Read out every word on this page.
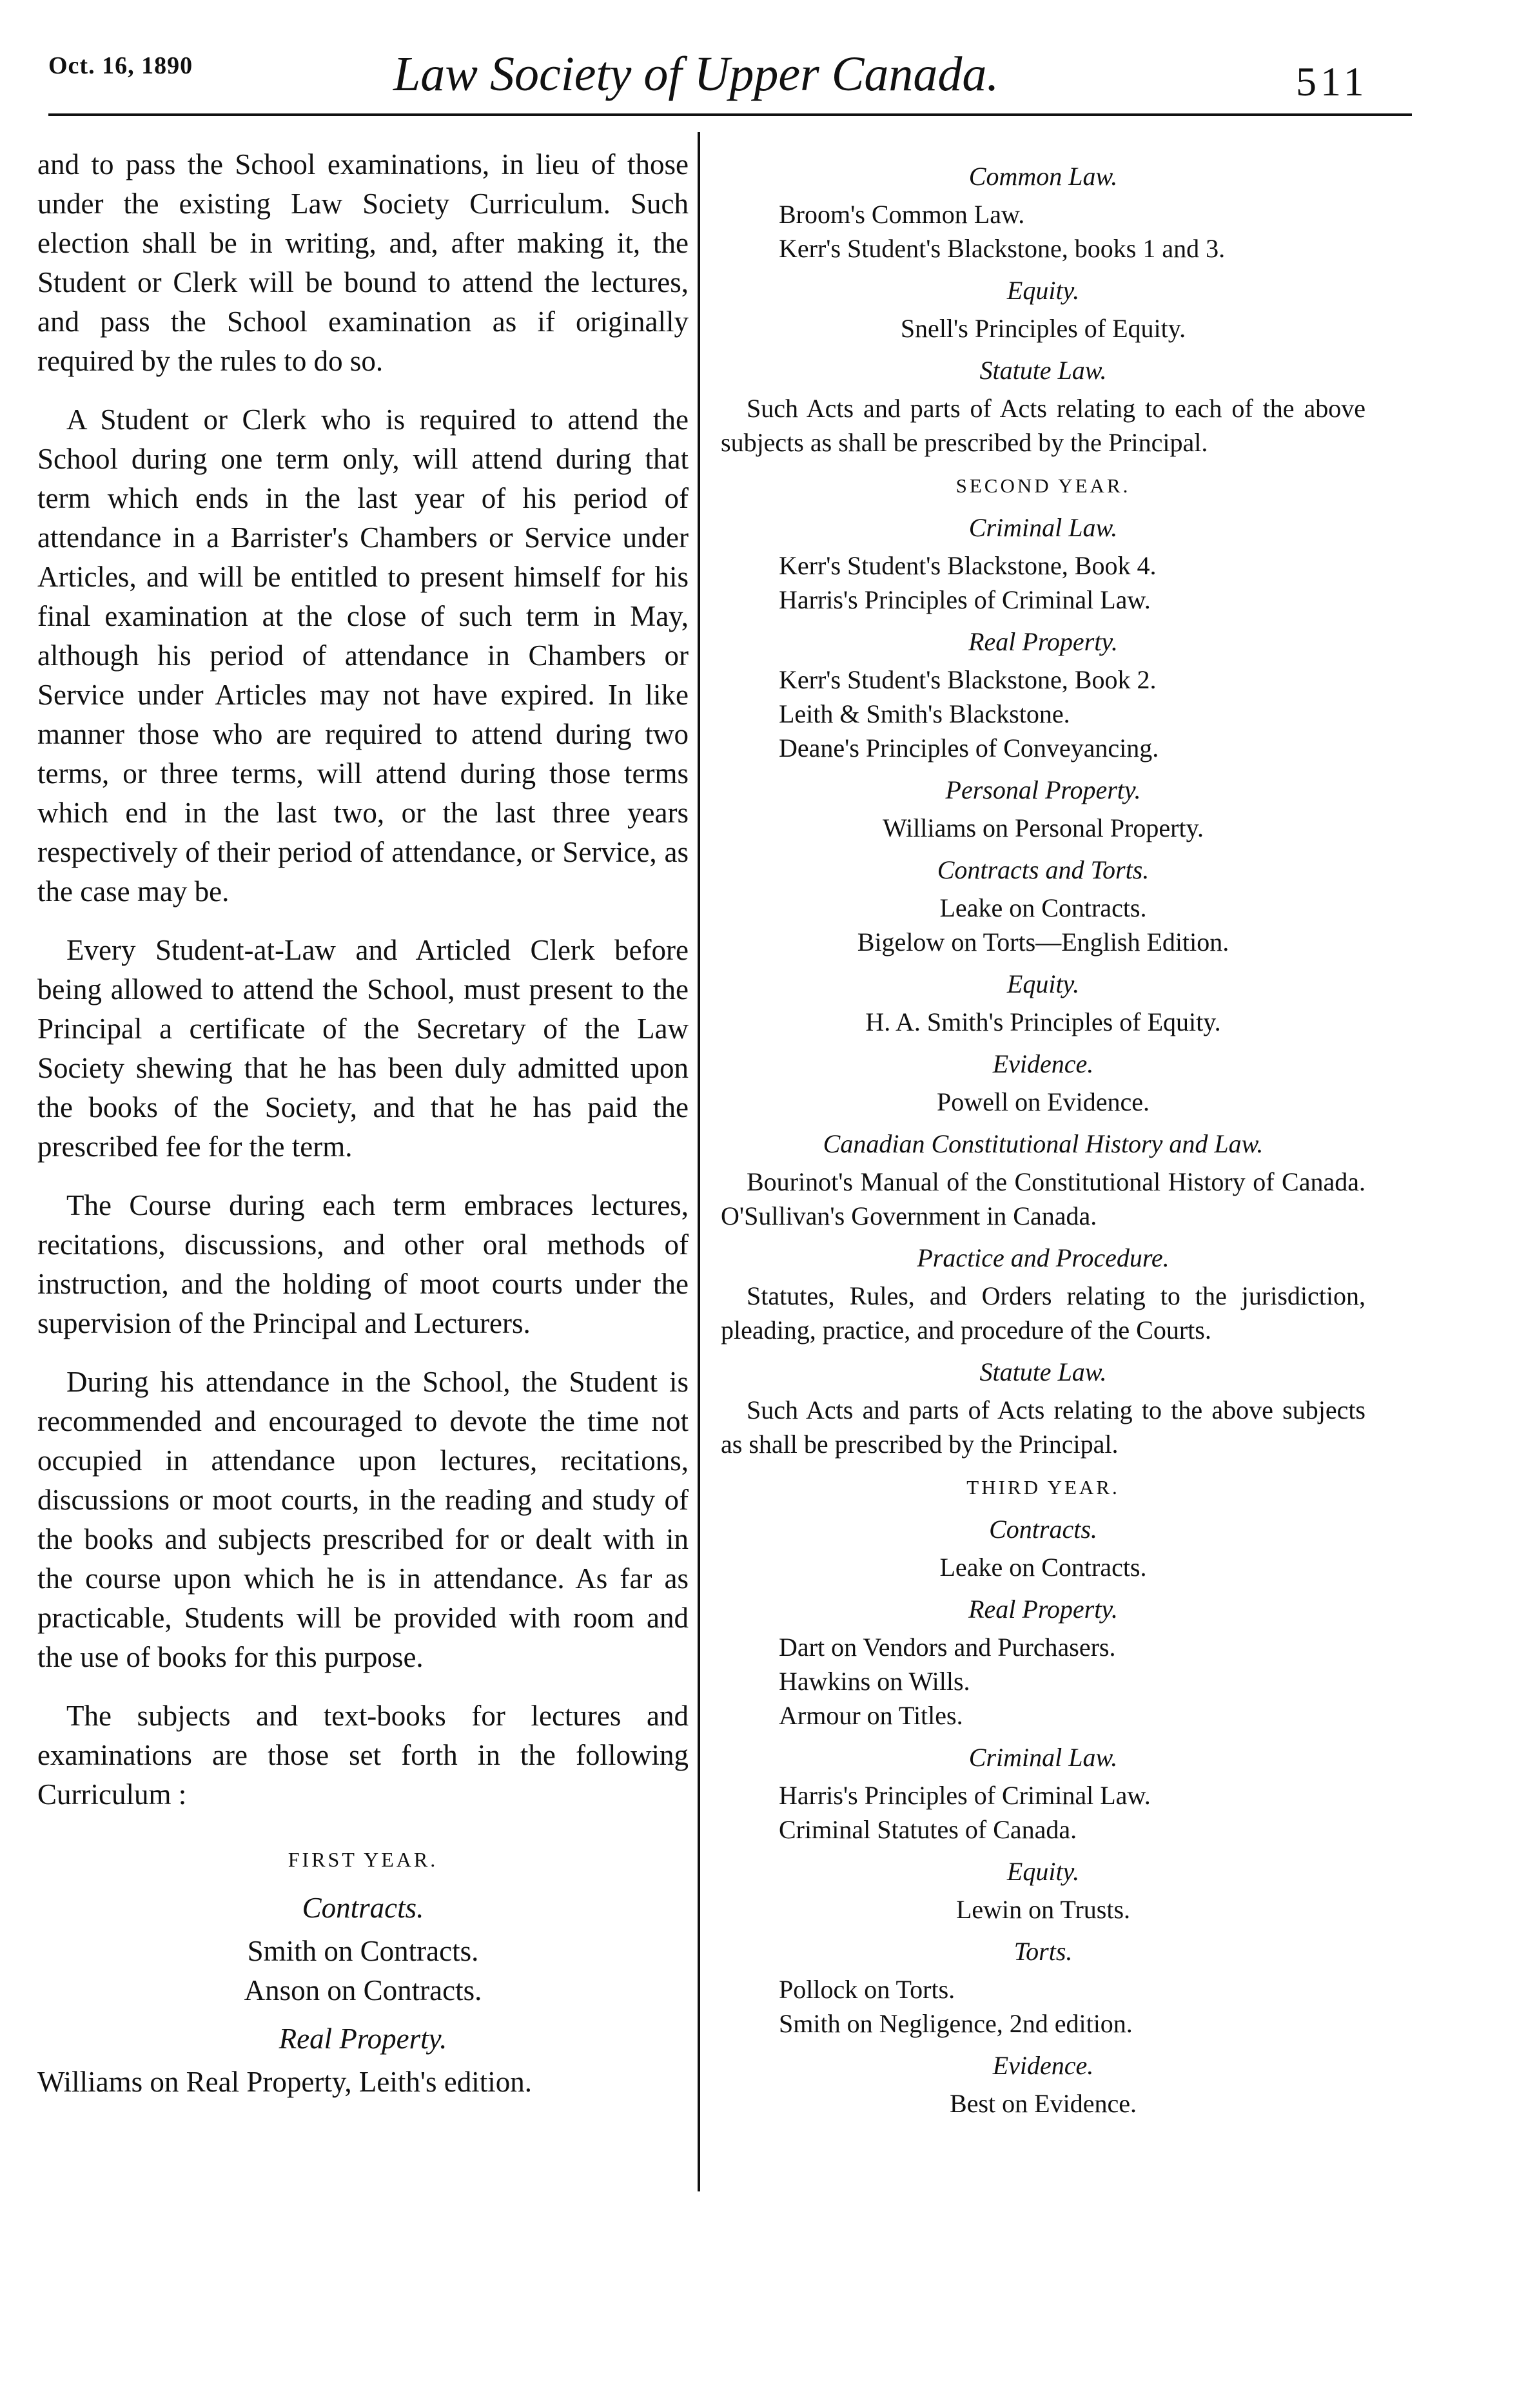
Oct. 16, 1890	Law Society of Upper Canada.	511

and to pass the School examinations, in lieu of those under the existing Law Society Curriculum. Such election shall be in writing, and, after making it, the Student or Clerk will be bound to attend the lectures, and pass the School examination as if originally required by the rules to do so.

A Student or Clerk who is required to attend the School during one term only, will attend during that term which ends in the last year of his period of attendance in a Barrister's Chambers or Service under Articles, and will be entitled to present himself for his final examination at the close of such term in May, although his period of attendance in Chambers or Service under Articles may not have expired. In like manner those who are required to attend during two terms, or three terms, will attend during those terms which end in the last two, or the last three years respectively of their period of attendance, or Service, as the case may be.

Every Student-at-Law and Articled Clerk before being allowed to attend the School, must present to the Principal a certificate of the Secretary of the Law Society shewing that he has been duly admitted upon the books of the Society, and that he has paid the prescribed fee for the term.

The Course during each term embraces lectures, recitations, discussions, and other oral methods of instruction, and the holding of moot courts under the supervision of the Principal and Lecturers.

During his attendance in the School, the Student is recommended and encouraged to devote the time not occupied in attendance upon lectures, recitations, discussions or moot courts, in the reading and study of the books and subjects prescribed for or dealt with in the course upon which he is in attendance. As far as practicable, Students will be provided with room and the use of books for this purpose.

The subjects and text-books for lectures and examinations are those set forth in the following Curriculum :

FIRST YEAR.
Contracts.
Smith on Contracts.
Anson on Contracts.
Real Property.
Williams on Real Property, Leith's edition.
Common Law.
Broom's Common Law.
Kerr's Student's Blackstone, books 1 and 3.
Equity.
Snell's Principles of Equity.
Statute Law.

Such Acts and parts of Acts relating to each of the above subjects as shall be prescribed by the Principal.

SECOND YEAR.
Criminal Law.
Kerr's Student's Blackstone, Book 4.
Harris's Principles of Criminal Law.
Real Property.
Kerr's Student's Blackstone, Book 2.
Leith & Smith's Blackstone.
Deane's Principles of Conveyancing.
Personal Property.
Williams on Personal Property.
Contracts and Torts.
Leake on Contracts.
Bigelow on Torts—English Edition.
Equity.
H. A. Smith's Principles of Equity.
Evidence.
Powell on Evidence.
Canadian Constitutional History and Law.

Bourinot's Manual of the Constitutional History of Canada. O'Sullivan's Government in Canada.

Practice and Procedure.

Statutes, Rules, and Orders relating to the jurisdiction, pleading, practice, and procedure of the Courts.

Statute Law.

Such Acts and parts of Acts relating to the above subjects as shall be prescribed by the Principal.

THIRD YEAR.
Contracts.
Leake on Contracts.
Real Property.
Dart on Vendors and Purchasers.
Hawkins on Wills.
Armour on Titles.
Criminal Law.
Harris's Principles of Criminal Law.
Criminal Statutes of Canada.
Equity.
Lewin on Trusts.
Torts.
Pollock on Torts.
Smith on Negligence, 2nd edition.
Evidence.
Best on Evidence.
